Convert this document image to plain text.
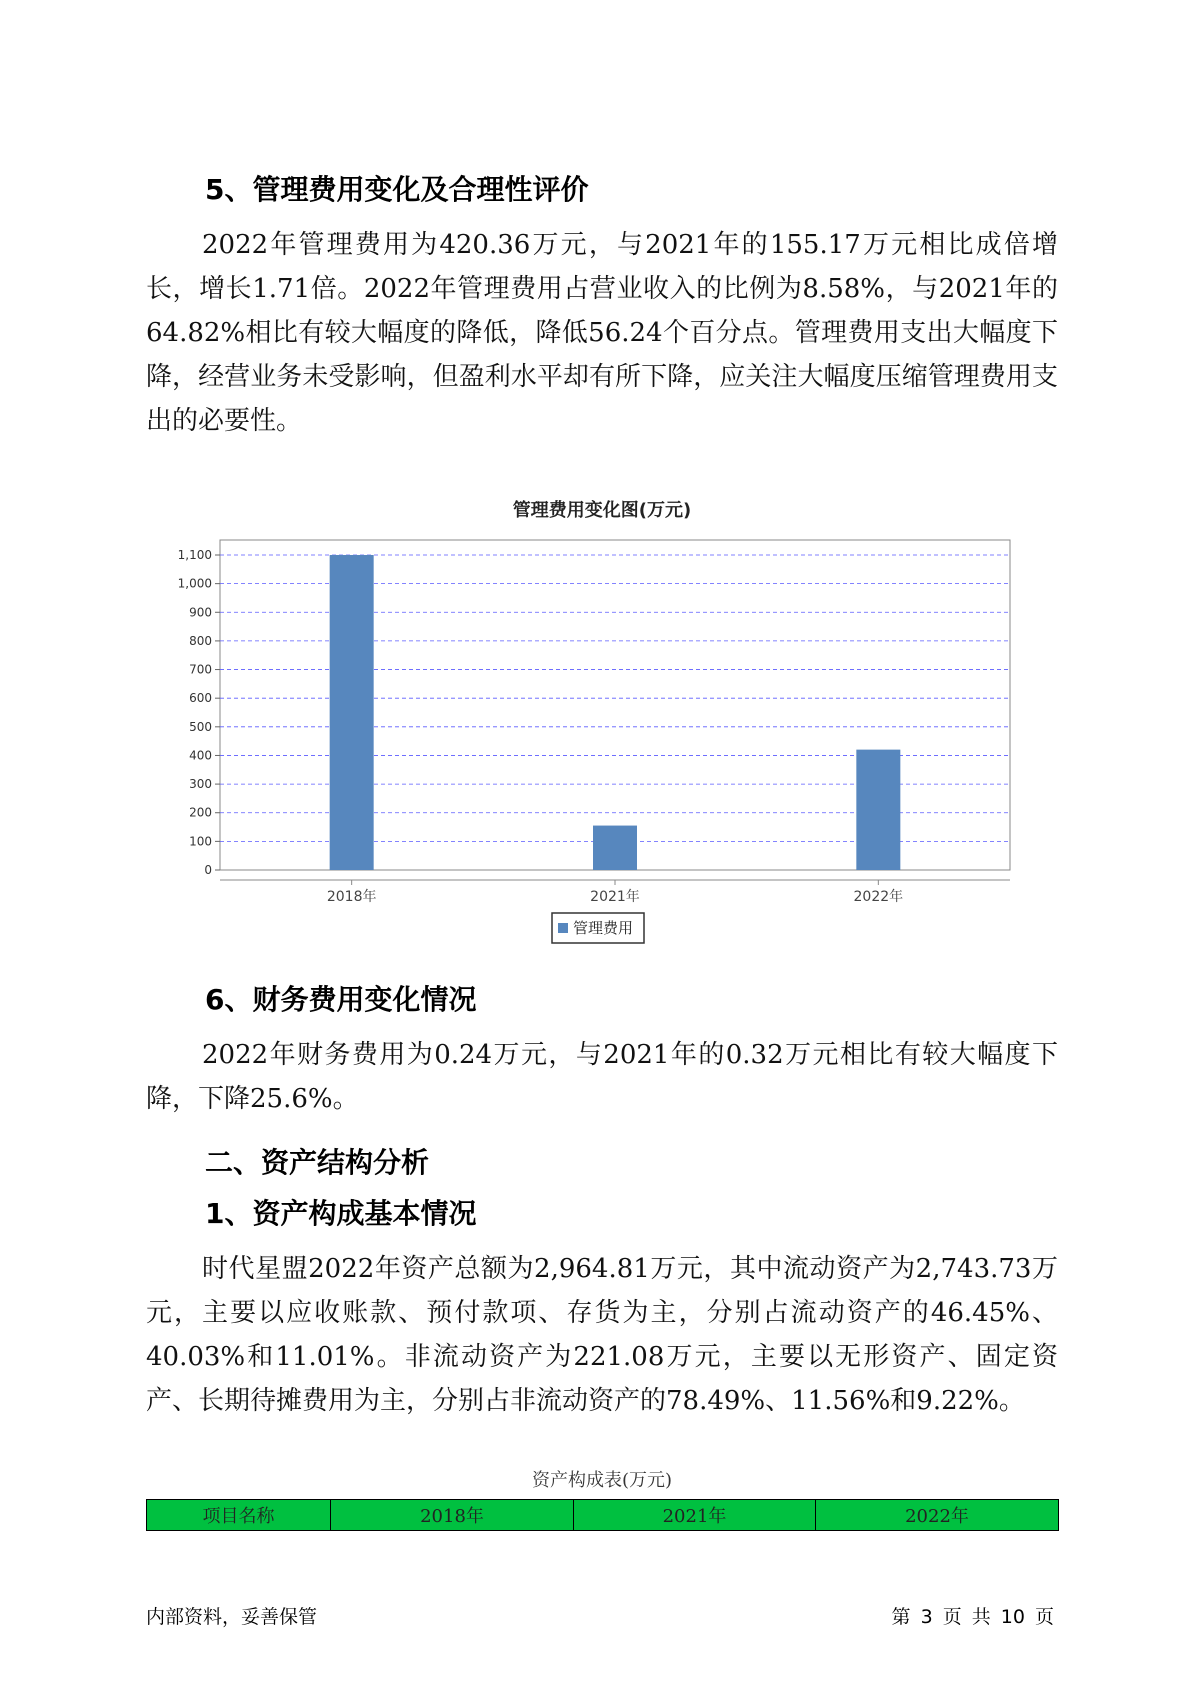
5、管理费用变化及合理性评价

2022年管理费用为420.36万元，与2021年的155.17万元相比成倍增长，增长1.71倍。2022年管理费用占营业收入的比例为8.58%，与2021年的64.82%相比有较大幅度的降低，降低56.24个百分点。管理费用支出大幅度下降，经营业务未受影响，但盈利水平却有所下降，应关注大幅度压缩管理费用支出的必要性。

管理费用变化图(万元)
0
100
200
300
400
500
600
700
800
900
1,000
1,100
2018年	2021年	2022年
管理费用
6、财务费用变化情况

2022年财务费用为0.24万元，与2021年的0.32万元相比有较大幅度下降，下降25.6%。

二、资产结构分析
1、资产构成基本情况

时代星盟2022年资产总额为2,964.81万元，其中流动资产为2,743.73万元，主要以应收账款、预付款项、存货为主，分别占流动资产的46.45%、40.03%和11.01%。非流动资产为221.08万元，主要以无形资产、固定资产、长期待摊费用为主，分别占非流动资产的78.49%、11.56%和9.22%。

资产构成表(万元)
项目名称	2018年	2021年	2022年
内部资料，妥善保管	第 3 页 共 10 页
